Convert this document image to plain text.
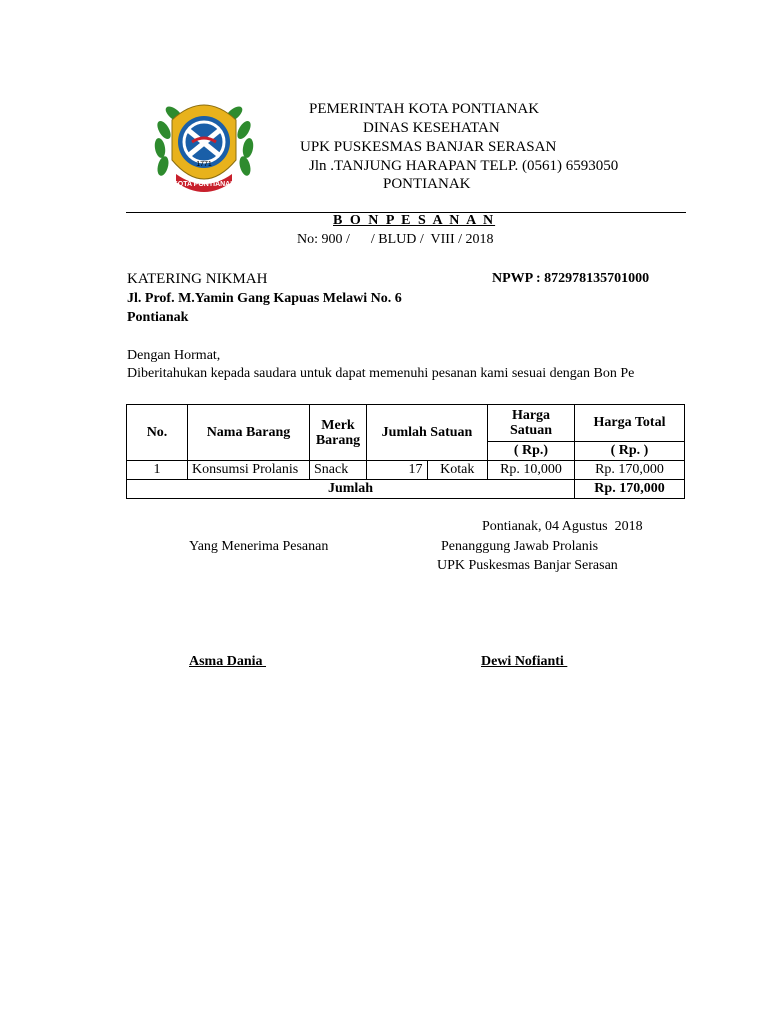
1771
KOTA PONTIANAK
PEMERINTAH KOTA PONTIANAK
DINAS KESEHATAN
UPK PUSKESMAS BANJAR SERASAN
Jln .TANJUNG HARAPAN TELP. (0561) 6593050
PONTIANAK
B O N P E S A N A N
No: 900 /      / BLUD /  VIII / 2018
KATERING NIKMAH	NPWP : 872978135701000
Jl. Prof. M.Yamin Gang Kapuas Melawi No. 6
Pontianak
Dengan Hormat,
Diberitahukan kepada saudara untuk dapat memenuhi pesanan kami sesuai dengan Bon Pe
No.	Nama Barang	Merk Barang	Jumlah Satuan		Harga Satuan	Harga Total
					( Rp.)	( Rp. )
1	Konsumsi Prolanis	Snack	17	Kotak	Rp. 10,000	Rp. 170,000
Jumlah						Rp. 170,000
Pontianak, 04 Agustus  2018
Yang Menerima Pesanan	Penanggung Jawab Prolanis
UPK Puskesmas Banjar Serasan
Asma Dania	Dewi Nofianti
